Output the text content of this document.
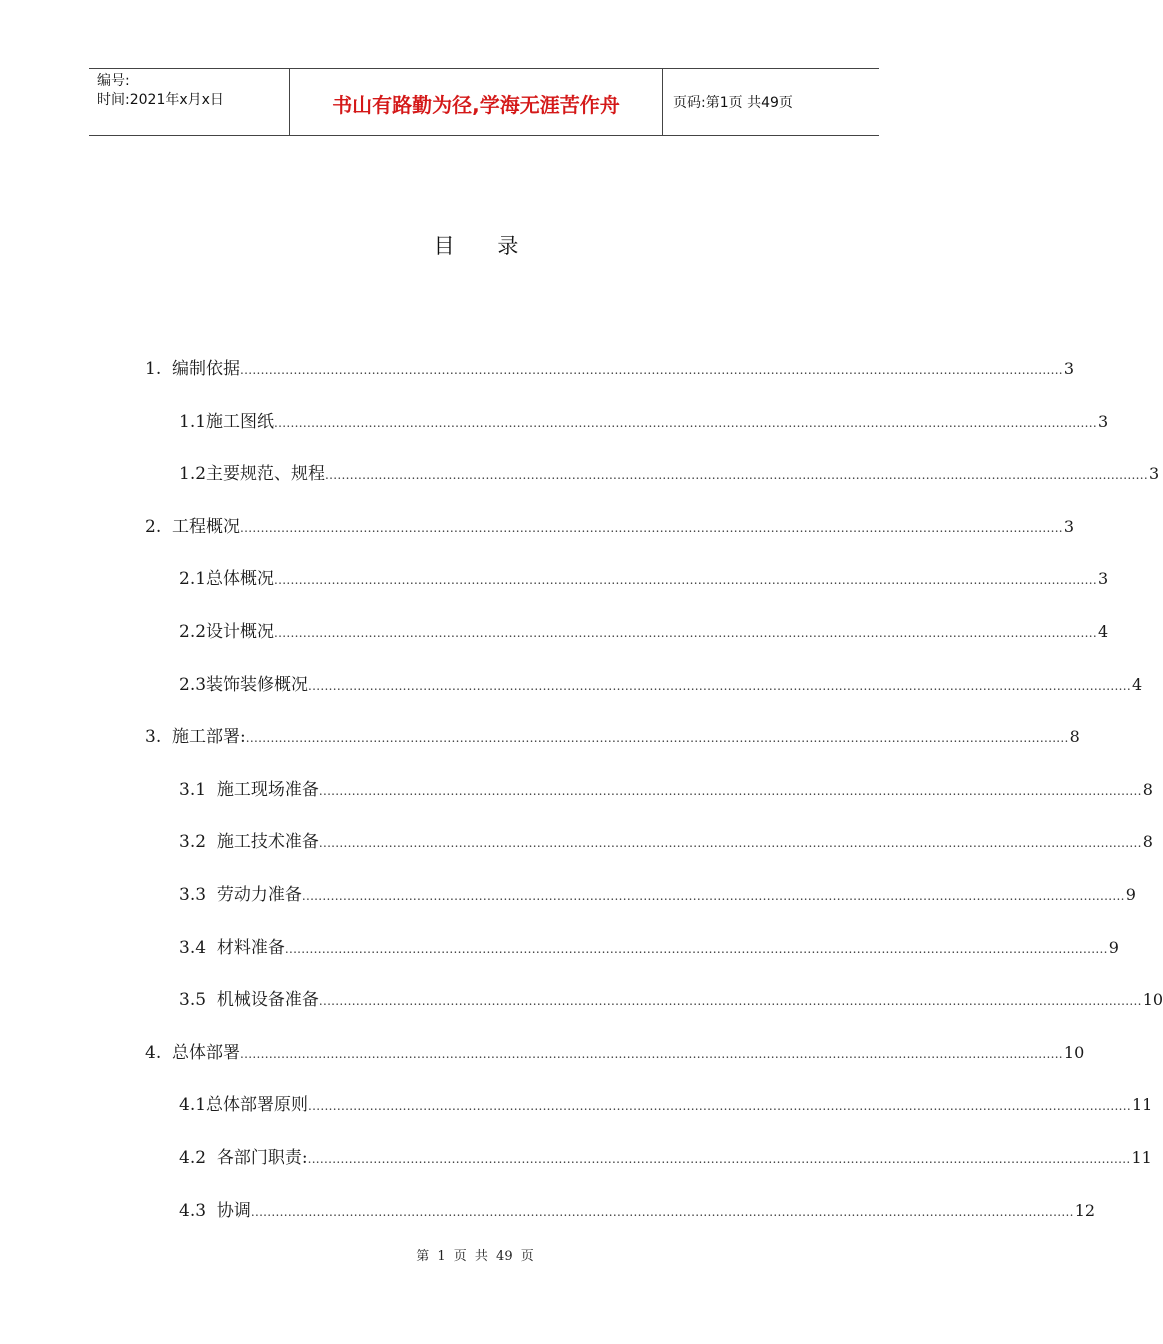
编号:
时间:2021年x月x日	书山有路勤为径,学海无涯苦作舟	页码:第1页 共49页
目 录
1.  编制依据 ........................................................................................................................................................................................................ 3
1.1施工图纸 ........................................................................................................................................................................................................ 3
1.2主要规范、规程 ........................................................................................................................................................................................................ 3
2.  工程概况 ........................................................................................................................................................................................................ 3
2.1总体概况 ........................................................................................................................................................................................................ 3
2.2设计概况 ........................................................................................................................................................................................................ 4
2.3装饰装修概况 ........................................................................................................................................................................................................ 4
3.  施工部署: ........................................................................................................................................................................................................ 8
3.1  施工现场准备 ........................................................................................................................................................................................................ 8
3.2  施工技术准备 ........................................................................................................................................................................................................ 8
3.3  劳动力准备 ........................................................................................................................................................................................................ 9
3.4  材料准备 ........................................................................................................................................................................................................ 9
3.5  机械设备准备 ........................................................................................................................................................................................................ 10
4.  总体部署 ........................................................................................................................................................................................................ 10
4.1总体部署原则 ........................................................................................................................................................................................................ 11
4.2  各部门职责: ........................................................................................................................................................................................................ 11
4.3  协调 ........................................................................................................................................................................................................ 12
第 1 页 共 49 页
